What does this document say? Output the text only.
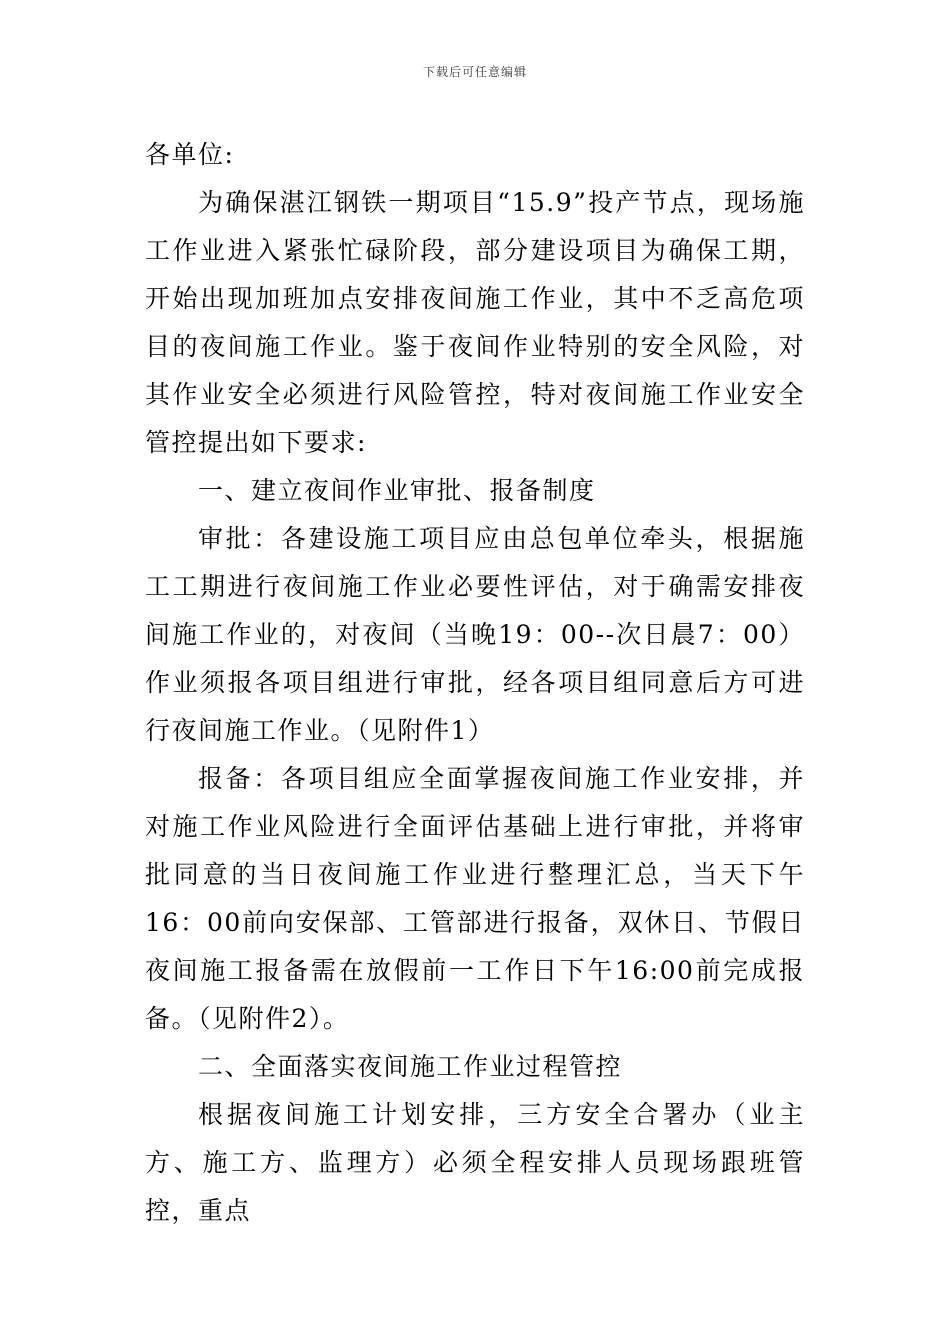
下载后可任意编辑

各单位:

为确保湛江钢铁一期项目“15.9”投产节点，现场施工作业进入紧张忙碌阶段，部分建设项目为确保工期，开始出现加班加点安排夜间施工作业，其中不乏高危项目的夜间施工作业。鉴于夜间作业特别的安全风险，对其作业安全必须进行风险管控，特对夜间施工作业安全管控提出如下要求:

一、建立夜间作业审批、报备制度

审批：各建设施工项目应由总包单位牵头，根据施工工期进行夜间施工作业必要性评估，对于确需安排夜间施工作业的，对夜间（当晚19：00--次日晨7：00）作业须报各项目组进行审批，经各项目组同意后方可进行夜间施工作业。（见附件1）

报备：各项目组应全面掌握夜间施工作业安排，并对施工作业风险进行全面评估基础上进行审批，并将审批同意的当日夜间施工作业进行整理汇总，当天下午16：00前向安保部、工管部进行报备，双休日、节假日夜间施工报备需在放假前一工作日下午16:00前完成报备。（见附件2）。

二、全面落实夜间施工作业过程管控

根据夜间施工计划安排，三方安全合署办（业主方、施工方、监理方）必须全程安排人员现场跟班管控，重点
